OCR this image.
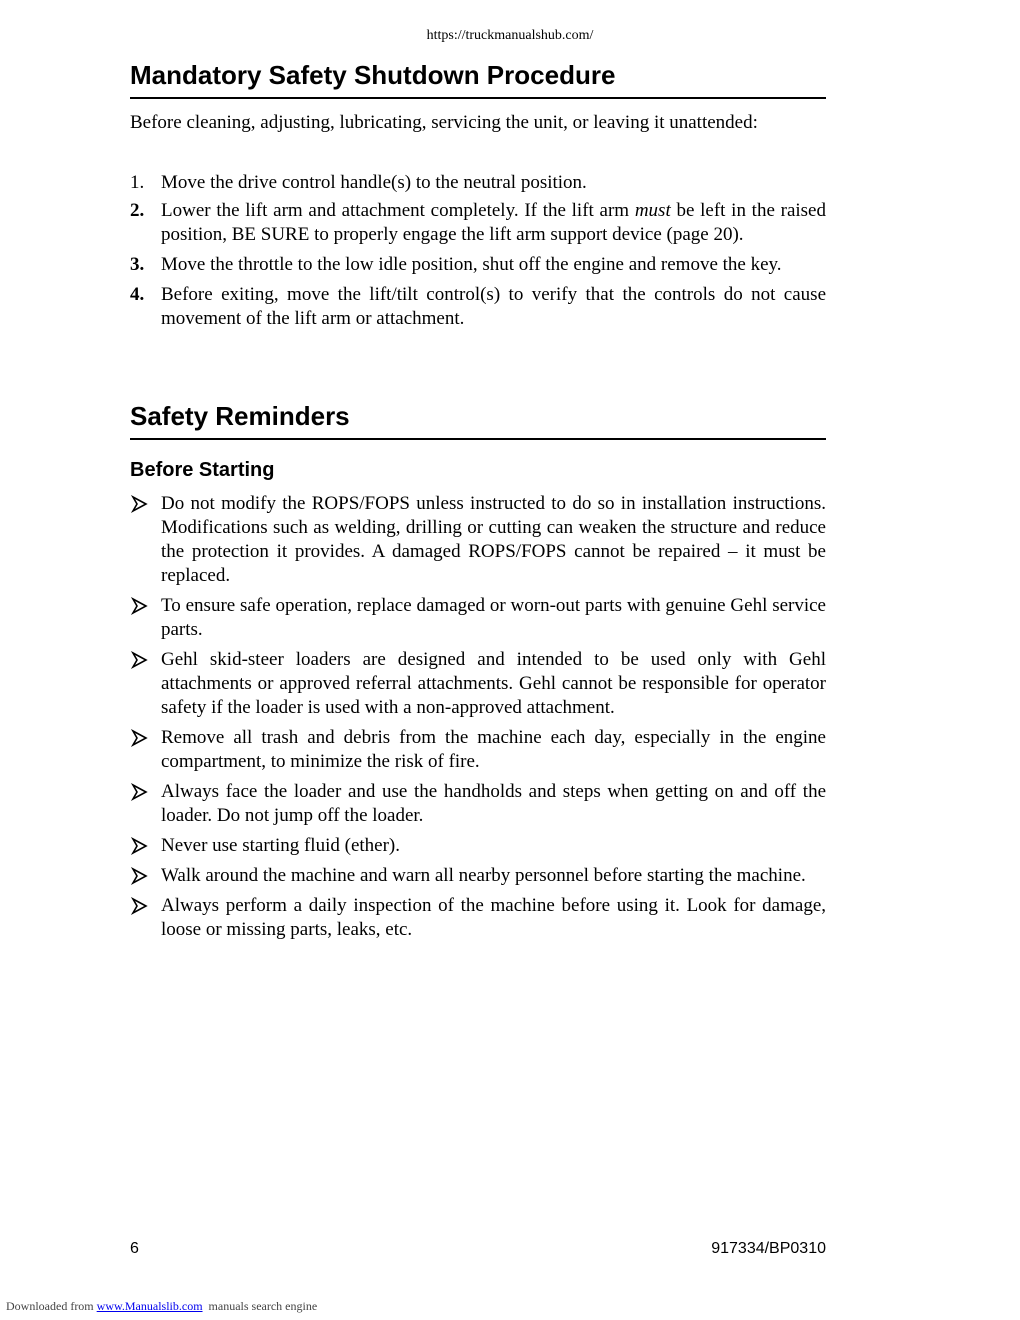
https://truckmanualshub.com/
Mandatory Safety Shutdown Procedure
Before cleaning, adjusting, lubricating, servicing the unit, or leaving it unattended:
1. Move the drive control handle(s) to the neutral position.
2. Lower the lift arm and attachment completely. If the lift arm must be left in the raised position, BE SURE to properly engage the lift arm support device (page 20).
3. Move the throttle to the low idle position, shut off the engine and remove the key.
4. Before exiting, move the lift/tilt control(s) to verify that the controls do not cause movement of the lift arm or attachment.
Safety Reminders
Before Starting
Do not modify the ROPS/FOPS unless instructed to do so in installation instructions. Modifications such as welding, drilling or cutting can weaken the structure and reduce the protection it provides. A damaged ROPS/FOPS cannot be repaired – it must be replaced.
To ensure safe operation, replace damaged or worn-out parts with genuine Gehl service parts.
Gehl skid-steer loaders are designed and intended to be used only with Gehl attachments or approved referral attachments. Gehl cannot be responsible for operator safety if the loader is used with a non-approved attachment.
Remove all trash and debris from the machine each day, especially in the engine compartment, to minimize the risk of fire.
Always face the loader and use the handholds and steps when getting on and off the loader. Do not jump off the loader.
Never use starting fluid (ether).
Walk around the machine and warn all nearby personnel before starting the machine.
Always perform a daily inspection of the machine before using it. Look for damage, loose or missing parts, leaks, etc.
6	917334/BP0310
Downloaded from www.Manualslib.com manuals search engine
